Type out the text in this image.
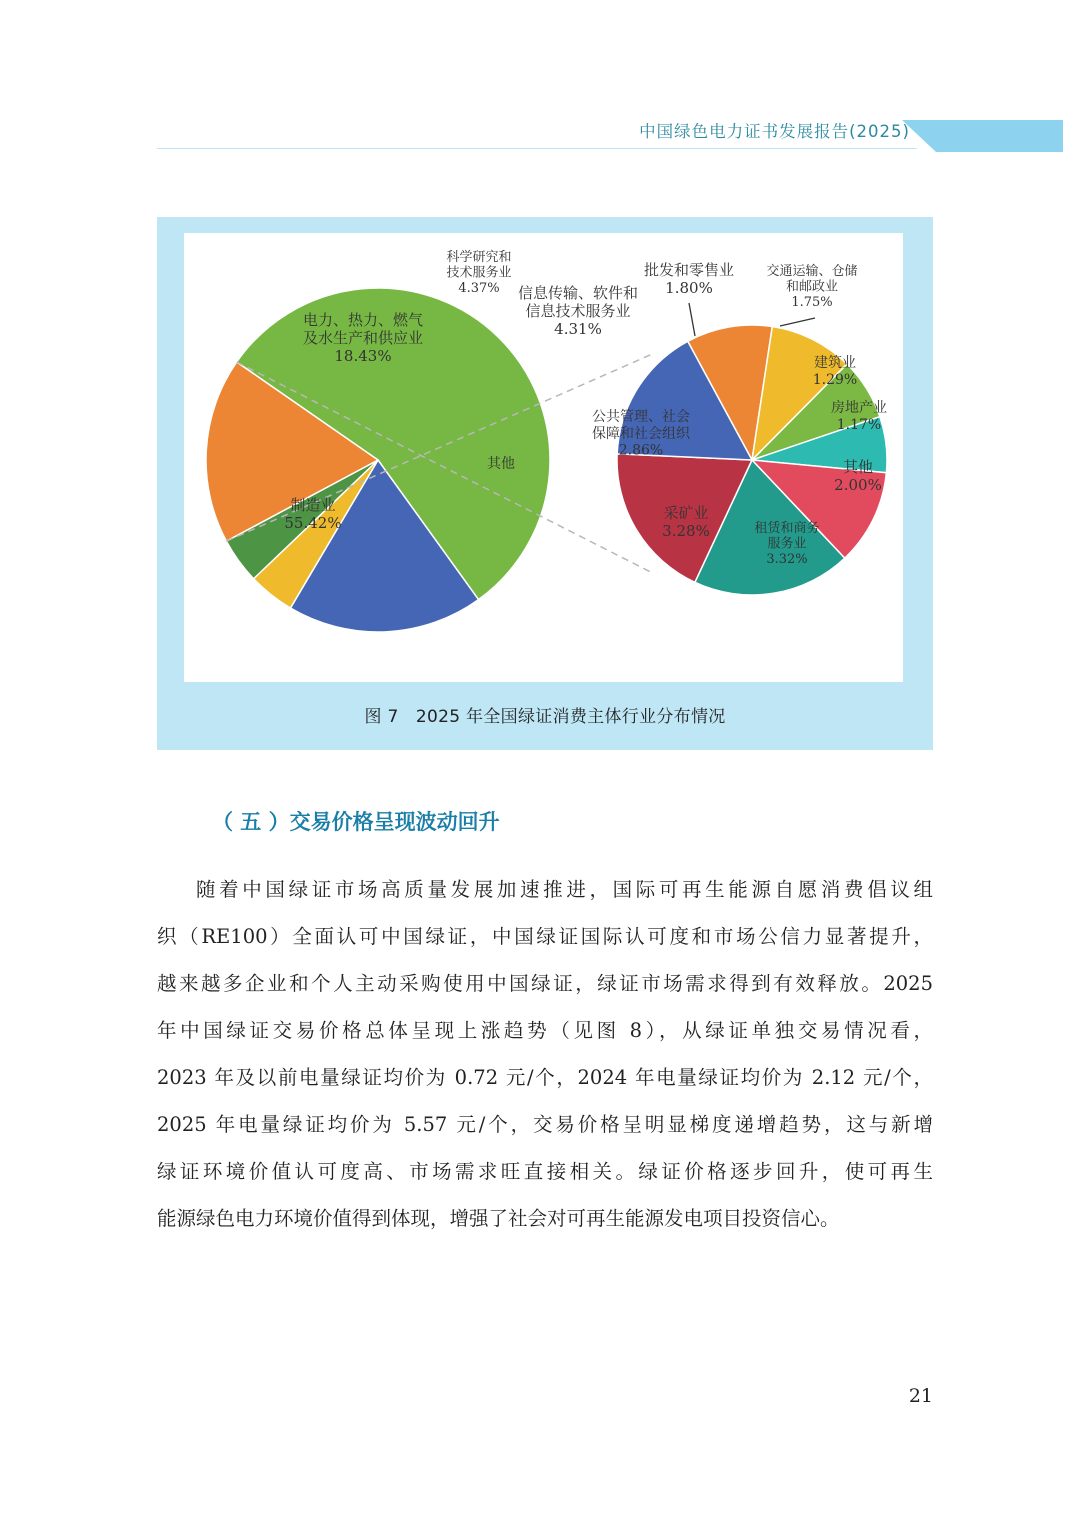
中国绿色电力证书发展报告(2025)
制造业 55.42%
电力、热力、燃气及水生产和供应业 18.43%
科学研究和技术服务业 4.37%	信息传输、软件和信息技术服务业 4.31%
其他
批发和零售业 1.80%
交通运输、仓储和邮政业 1.75%
建筑业 1.29%
房地产业 1.17%
其他 2.00%
租赁和商务服务业 3.32%
采矿业 3.28%
公共管理、社会保障和社会组织 2.86%
图 7　2025 年全国绿证消费主体行业分布情况
（ 五 ）交易价格呈现波动回升
随着中国绿证市场高质量发展加速推进，国际可再生能源自愿消费倡议组
织（RE100）全面认可中国绿证，中国绿证国际认可度和市场公信力显著提升，
越来越多企业和个人主动采购使用中国绿证，绿证市场需求得到有效释放。2025
年中国绿证交易价格总体呈现上涨趋势（见图 8），从绿证单独交易情况看，
2023 年及以前电量绿证均价为 0.72 元/个，2024 年电量绿证均价为 2.12 元/个，
2025 年电量绿证均价为 5.57 元/个，交易价格呈明显梯度递增趋势，这与新增
绿证环境价值认可度高、市场需求旺直接相关。绿证价格逐步回升，使可再生
能源绿色电力环境价值得到体现，增强了社会对可再生能源发电项目投资信心。
21
